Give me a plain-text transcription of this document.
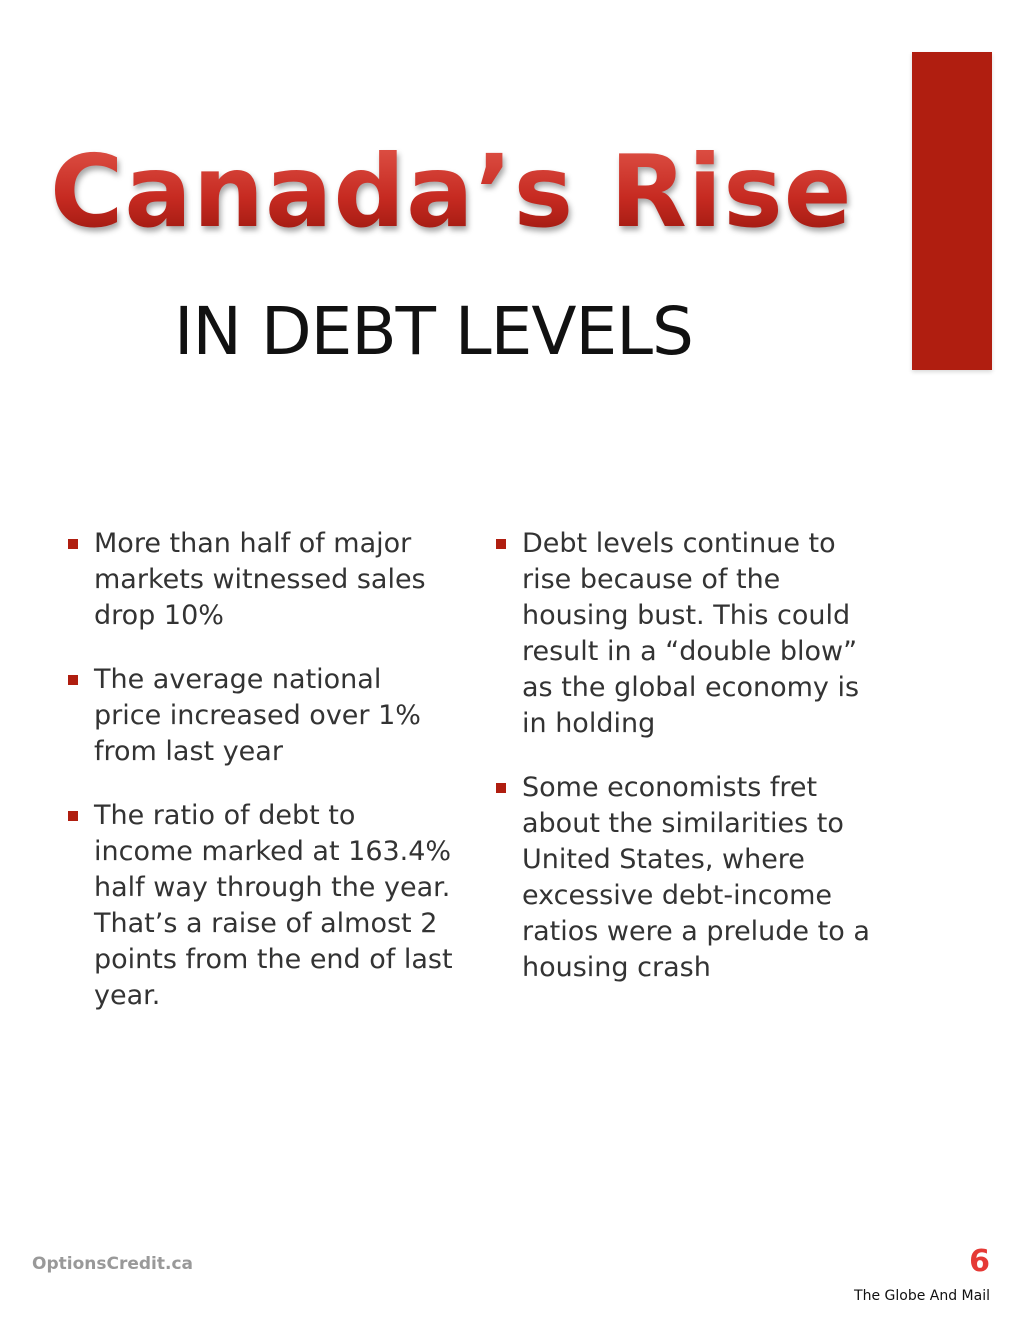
Canada’s Rise
IN DEBT LEVELS
More than half of major markets witnessed sales drop 10%
The average national price increased over 1% from last year
The ratio of debt to income marked at 163.4% half way through the year. That’s a raise of almost 2 points from the end of last year.
Debt levels continue to rise because of the housing bust. This could result in a “double blow” as the global economy is in holding
Some economists fret about the similarities to United States, where excessive debt-income ratios were a prelude to a housing crash
OptionsCredit.ca	6
The Globe And Mail
